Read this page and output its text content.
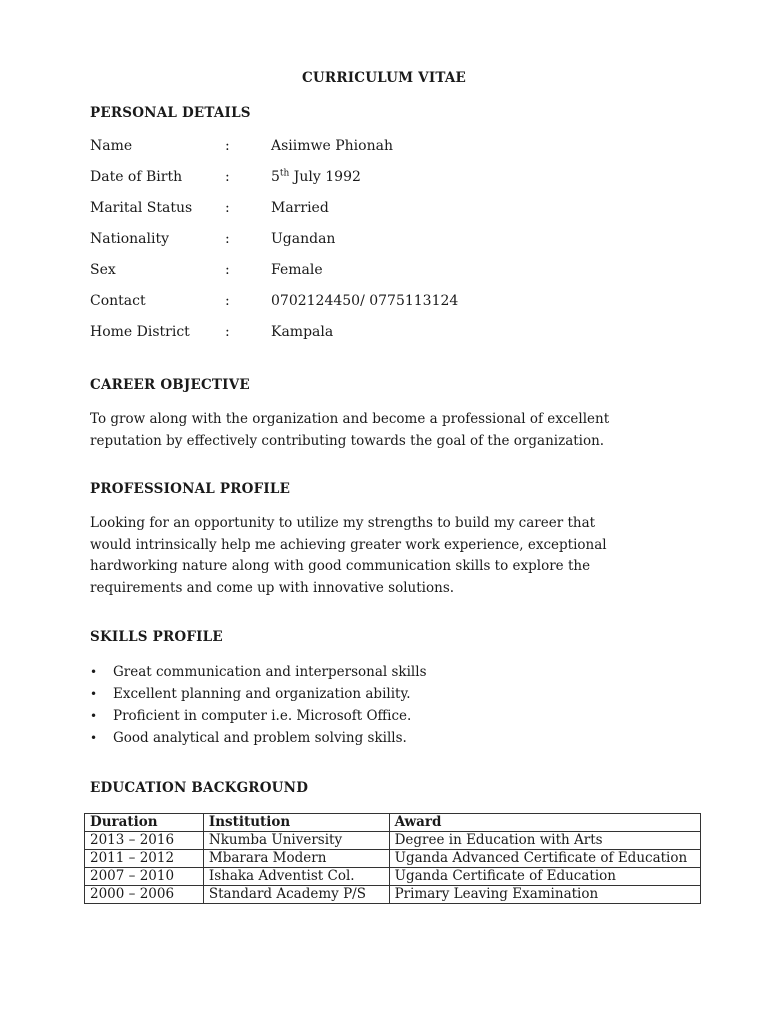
CURRICULUM VITAE
PERSONAL DETAILS
Name	:	Asiimwe Phionah
Date of Birth	:	5th July 1992
Marital Status :	Married
Nationality	:	Ugandan
Sex	:	Female
Contact	:	0702124450/ 0775113124
Home District	:	Kampala
CAREER OBJECTIVE
To grow along with the organization and become a professional of excellent
reputation by effectively contributing towards the goal of the organization.
PROFESSIONAL PROFILE
Looking for an opportunity to utilize my strengths to build my career that
would intrinsically help me achieving greater work experience, exceptional
hardworking nature along with good communication skills to explore the
requirements and come up with innovative solutions.
SKILLS PROFILE
• Great communication and interpersonal skills
• Excellent planning and organization ability.
• Proficient in computer i.e. Microsoft Office.
• Good analytical and problem solving skills.
EDUCATION BACKGROUND
Duration	Institution	Award
2013 – 2016	Nkumba University	Degree in Education with Arts
2011 – 2012	Mbarara Modern	Uganda Advanced Certificate of Education
2007 – 2010	Ishaka Adventist Col.	Uganda Certificate of Education
2000 – 2006	Standard Academy P/S	Primary Leaving Examination
